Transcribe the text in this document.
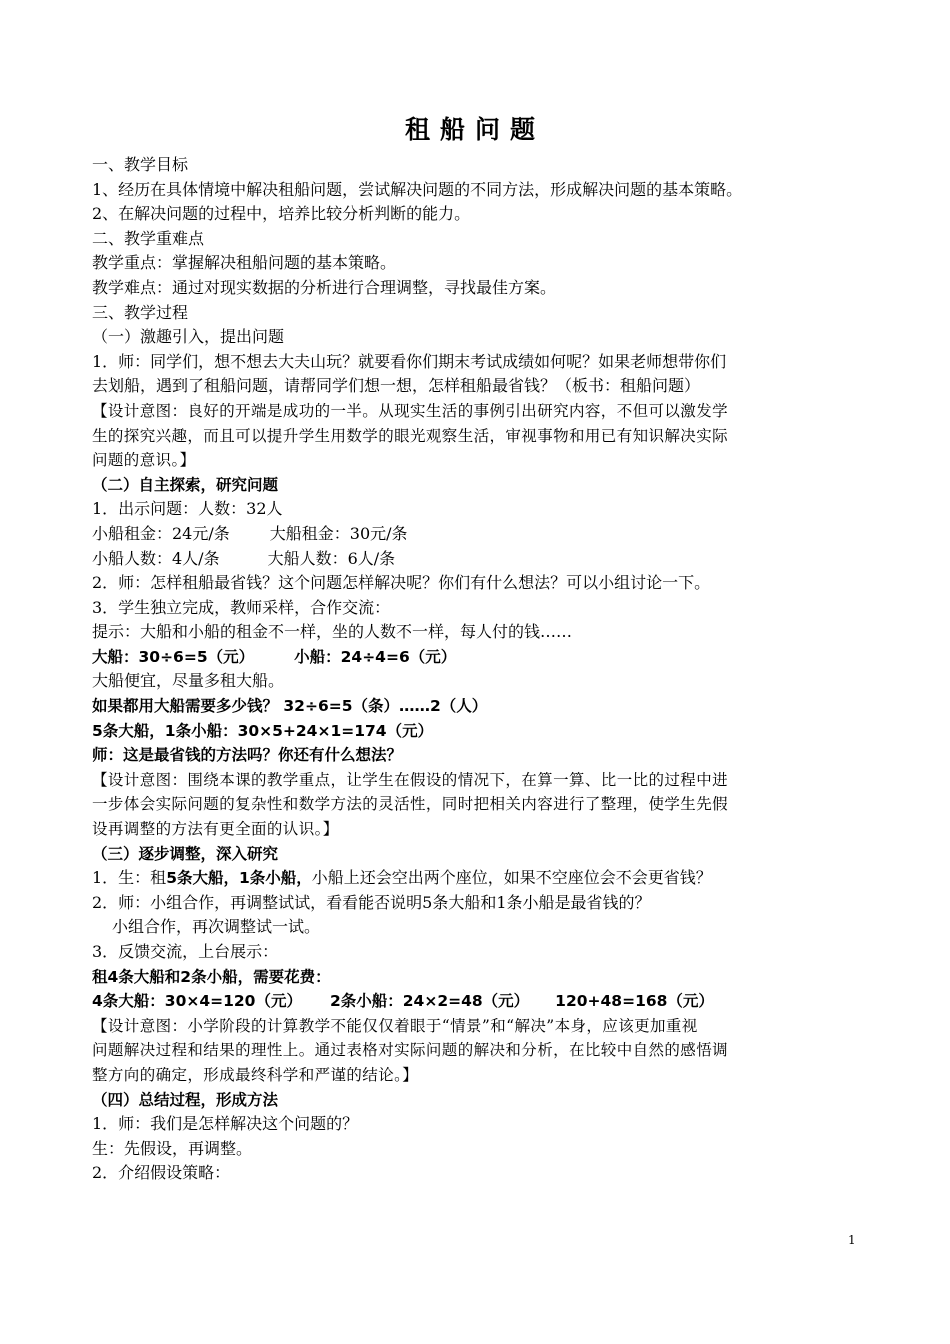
租船问题
一、教学目标
1、经历在具体情境中解决租船问题，尝试解决问题的不同方法，形成解决问题的基本策略。
2、在解决问题的过程中，培养比较分析判断的能力。
二、教学重难点
教学重点：掌握解决租船问题的基本策略。
教学难点：通过对现实数据的分析进行合理调整，寻找最佳方案。
三、教学过程
（一）激趣引入，提出问题
1．师：同学们，想不想去大夫山玩？就要看你们期末考试成绩如何呢？如果老师想带你们
去划船，遇到了租船问题，请帮同学们想一想，怎样租船最省钱？（板书：租船问题）
【设计意图：良好的开端是成功的一半。从现实生活的事例引出研究内容，不但可以激发学
生的探究兴趣，而且可以提升学生用数学的眼光观察生活，审视事物和用已有知识解决实际
问题的意识。】
（二）自主探索，研究问题
1．出示问题：人数：32人
小船租金：24元/条	大船租金：30元/条
小船人数：4人/条	大船人数：6人/条
2．师：怎样租船最省钱？这个问题怎样解决呢？你们有什么想法？可以小组讨论一下。
3．学生独立完成，教师采样，合作交流：
提示：大船和小船的租金不一样，坐的人数不一样，每人付的钱……
大船：30÷6=5（元）	小船：24÷4=6（元）
大船便宜，尽量多租大船。
如果都用大船需要多少钱？ 32÷6=5（条）……2（人）
5条大船，1条小船：30×5+24×1=174（元）
师：这是最省钱的方法吗？你还有什么想法？
【设计意图：围绕本课的教学重点，让学生在假设的情况下，在算一算、比一比的过程中进
一步体会实际问题的复杂性和数学方法的灵活性，同时把相关内容进行了整理，使学生先假
设再调整的方法有更全面的认识。】
（三）逐步调整，深入研究
1．生：租5条大船，1条小船，小船上还会空出两个座位，如果不空座位会不会更省钱？
2．师：小组合作，再调整试试，看看能否说明5条大船和1条小船是最省钱的？
小组合作，再次调整试一试。
3．反馈交流，上台展示：
租4条大船和2条小船，需要花费：
4条大船：30×4=120（元） 2条小船：24×2=48（元） 120+48=168（元）
【设计意图：小学阶段的计算教学不能仅仅着眼于“情景”和“解决”本身，应该更加重视
问题解决过程和结果的理性上。通过表格对实际问题的解决和分析，在比较中自然的感悟调
整方向的确定，形成最终科学和严谨的结论。】
（四）总结过程，形成方法
1．师：我们是怎样解决这个问题的？
生：先假设，再调整。
2．介绍假设策略：
1
